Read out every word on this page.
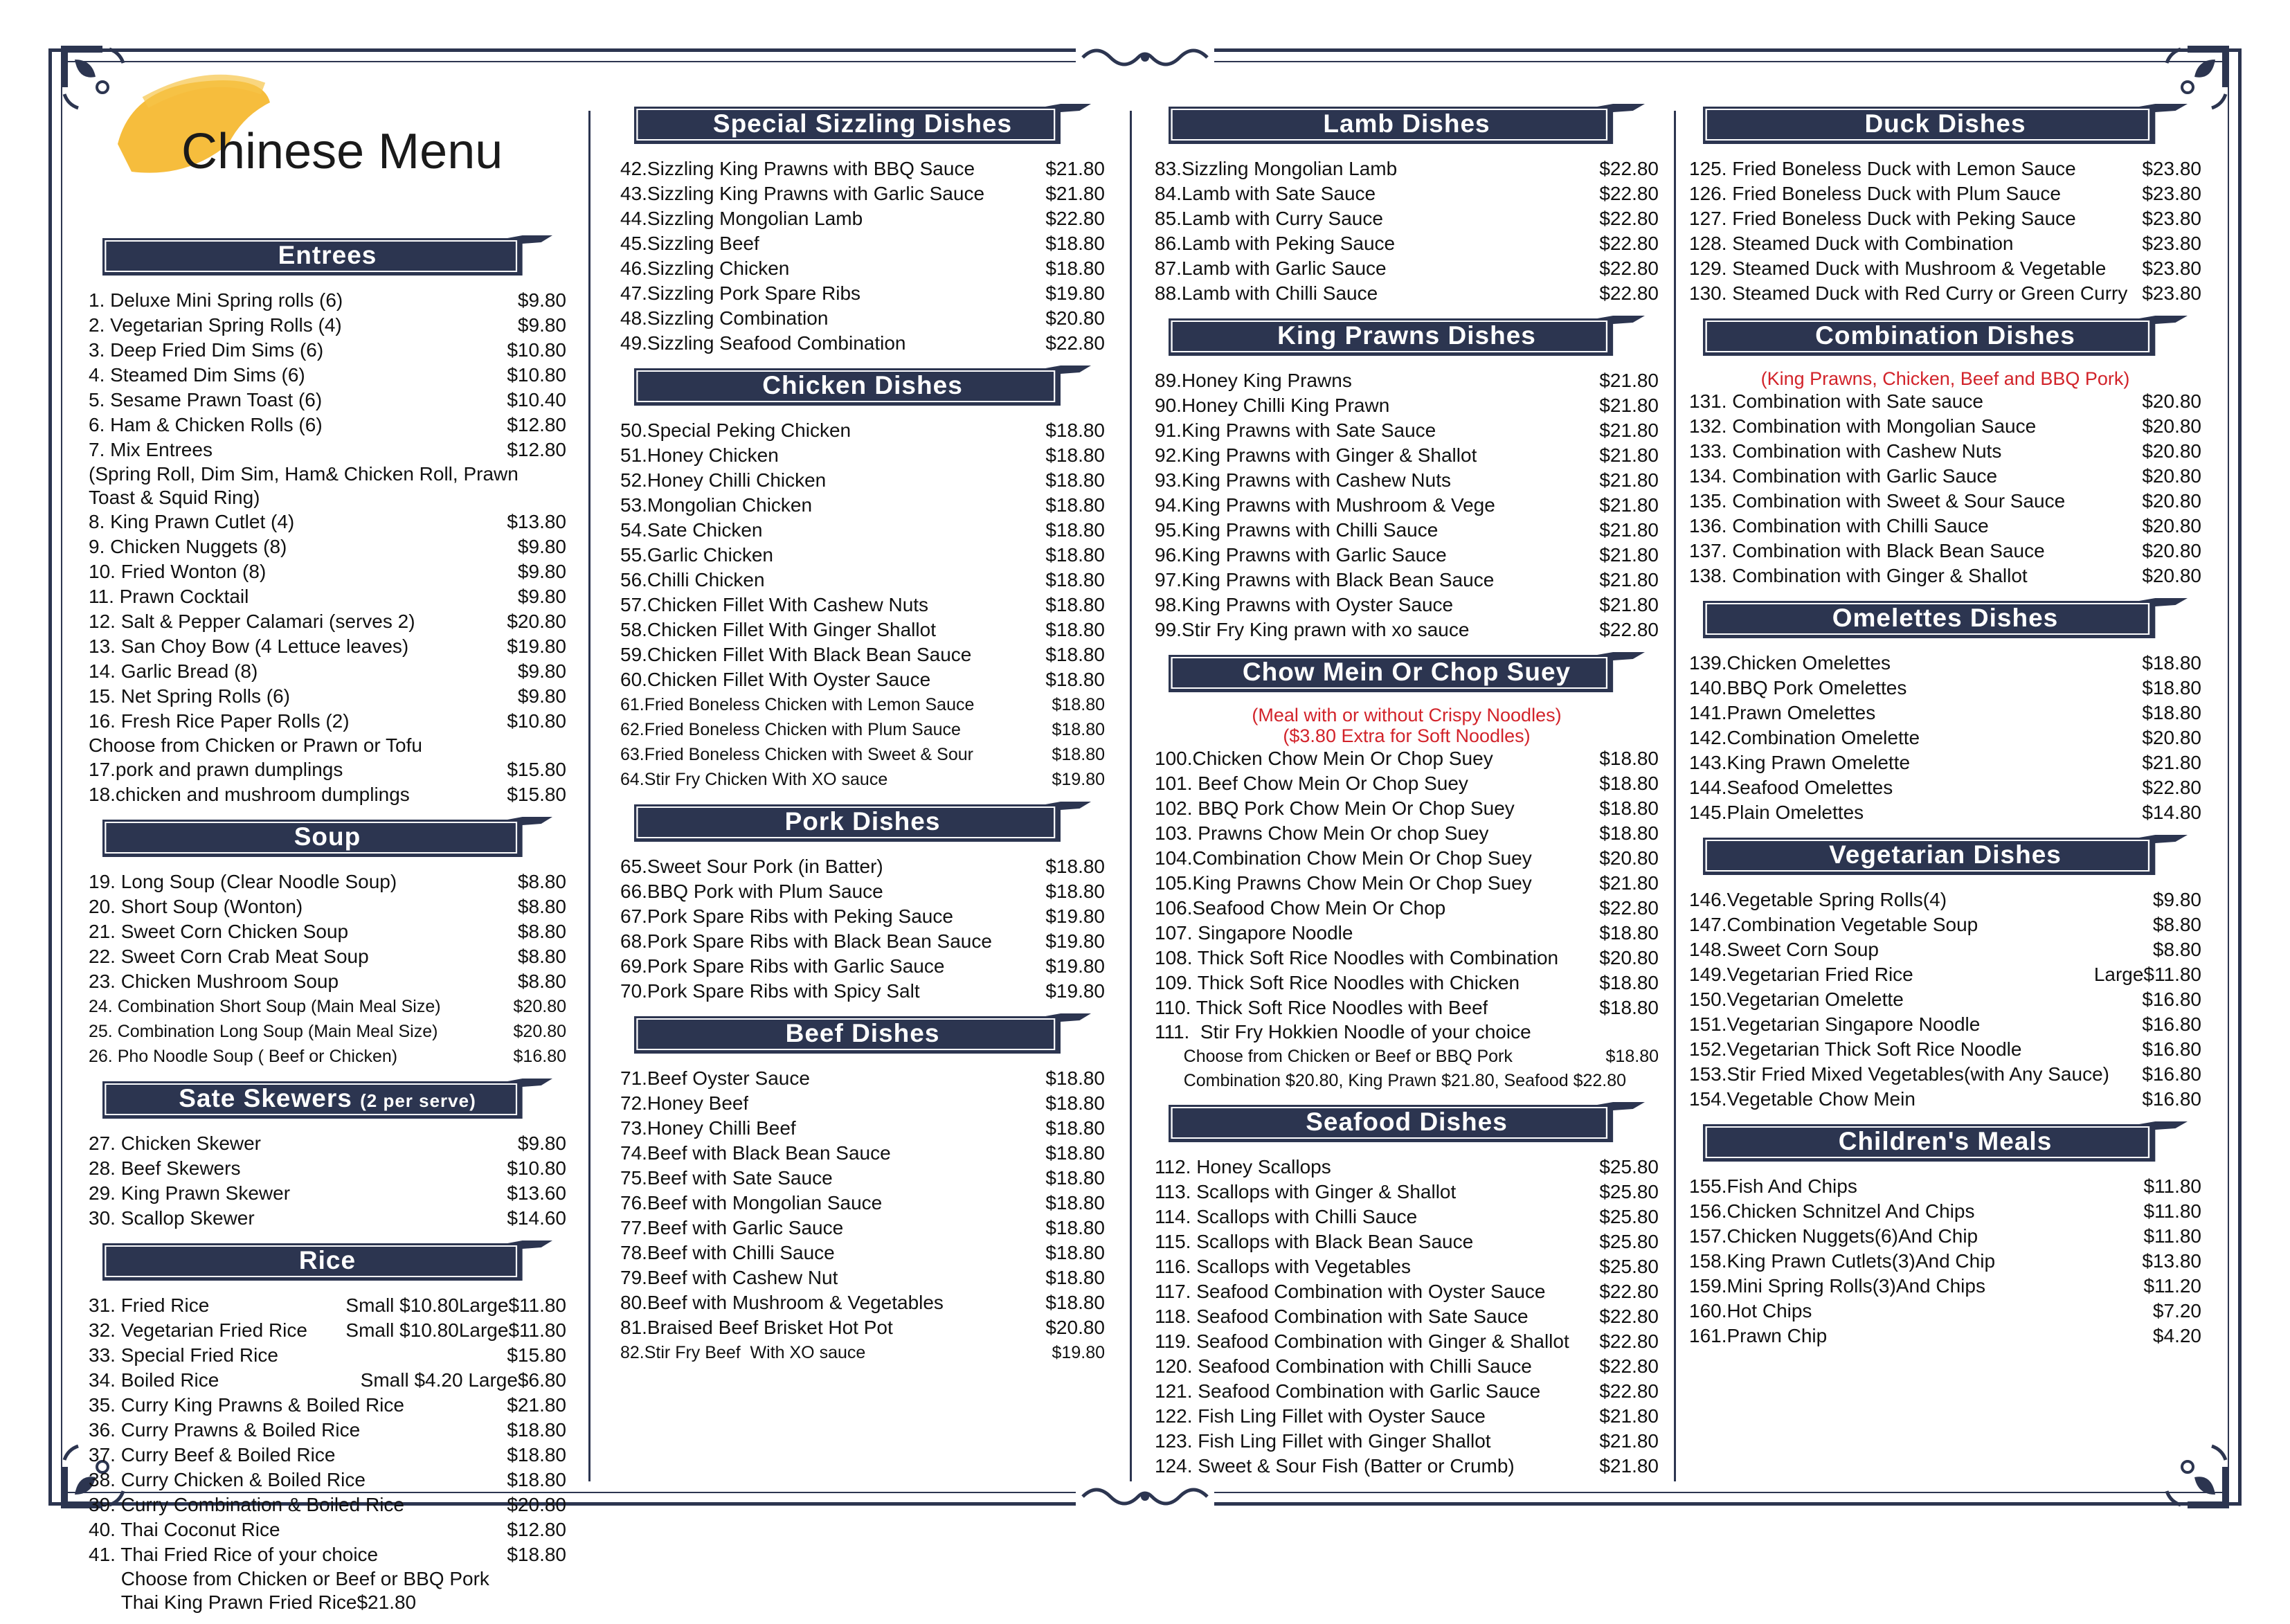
Chinese Menu
Entrees
1. Deluxe Mini Spring rolls (6)	$9.80
2. Vegetarian Spring Rolls (4)	$9.80
3. Deep Fried Dim Sims (6)	$10.80
4. Steamed Dim Sims (6)	$10.80
5. Sesame Prawn Toast (6)	$10.40
6. Ham & Chicken Rolls (6)	$12.80
7. Mix Entrees	$12.80
(Spring Roll, Dim Sim, Ham& Chicken Roll, Prawn Toast & Squid Ring)
8. King Prawn Cutlet (4)	$13.80
9. Chicken Nuggets (8)	$9.80
10. Fried Wonton (8)	$9.80
11. Prawn Cocktail	$9.80
12. Salt & Pepper Calamari (serves 2)	$20.80
13. San Choy Bow (4 Lettuce leaves)	$19.80
14. Garlic Bread (8)	$9.80
15. Net Spring Rolls (6)	$9.80
16. Fresh Rice Paper Rolls (2)	$10.80
Choose from Chicken or Prawn or Tofu
17.pork and prawn dumplings	$15.80
18.chicken and mushroom dumplings	$15.80
Soup
19. Long Soup (Clear Noodle Soup)	$8.80
20. Short Soup (Wonton)	$8.80
21. Sweet Corn Chicken Soup	$8.80
22. Sweet Corn Crab Meat Soup	$8.80
23. Chicken Mushroom Soup	$8.80
24. Combination Short Soup (Main Meal Size)	$20.80
25. Combination Long Soup (Main Meal Size)	$20.80
26. Pho Noodle Soup ( Beef or Chicken)	$16.80
Sate Skewers (2 per serve)
27. Chicken Skewer	$9.80
28. Beef Skewers	$10.80
29. King Prawn Skewer	$13.60
30. Scallop Skewer	$14.60
Rice
31. Fried Rice	Small $10.80Large$11.80
32. Vegetarian Fried Rice Small $10.80Large$11.80
33. Special Fried Rice	$15.80
34. Boiled Rice	Small $4.20 Large$6.80
35. Curry King Prawns & Boiled Rice	$21.80
36. Curry Prawns & Boiled Rice	$18.80
37. Curry Beef & Boiled Rice	$18.80
38. Curry Chicken & Boiled Rice	$18.80
39. Curry Combination & Boiled Rice	$20.80
40. Thai Coconut Rice	$12.80
41. Thai Fried Rice of your choice	$18.80
Choose from Chicken or Beef or BBQ Pork
Thai King Prawn Fried Rice$21.80
Special Sizzling Dishes
42.Sizzling King Prawns with BBQ Sauce	$21.80
43.Sizzling King Prawns with Garlic Sauce	$21.80
44.Sizzling Mongolian Lamb	$22.80
45.Sizzling Beef	$18.80
46.Sizzling Chicken	$18.80
47.Sizzling Pork Spare Ribs	$19.80
48.Sizzling Combination	$20.80
49.Sizzling Seafood Combination	$22.80
Chicken Dishes
50.Special Peking Chicken	$18.80
51.Honey Chicken	$18.80
52.Honey Chilli Chicken	$18.80
53.Mongolian Chicken	$18.80
54.Sate Chicken	$18.80
55.Garlic Chicken	$18.80
56.Chilli Chicken	$18.80
57.Chicken Fillet With Cashew Nuts	$18.80
58.Chicken Fillet With Ginger Shallot	$18.80
59.Chicken Fillet With Black Bean Sauce	$18.80
60.Chicken Fillet With Oyster Sauce	$18.80
61.Fried Boneless Chicken with Lemon Sauce	$18.80
62.Fried Boneless Chicken with Plum Sauce	$18.80
63.Fried Boneless Chicken with Sweet & Sour	$18.80
64.Stir Fry Chicken With XO sauce	$19.80
Pork Dishes
65.Sweet Sour Pork (in Batter)	$18.80
66.BBQ Pork with Plum Sauce	$18.80
67.Pork Spare Ribs with Peking Sauce	$19.80
68.Pork Spare Ribs with Black Bean Sauce	$19.80
69.Pork Spare Ribs with Garlic Sauce	$19.80
70.Pork Spare Ribs with Spicy Salt	$19.80
Beef Dishes
71.Beef Oyster Sauce	$18.80
72.Honey Beef	$18.80
73.Honey Chilli Beef	$18.80
74.Beef with Black Bean Sauce	$18.80
75.Beef with Sate Sauce	$18.80
76.Beef with Mongolian Sauce	$18.80
77.Beef with Garlic Sauce	$18.80
78.Beef with Chilli Sauce	$18.80
79.Beef with Cashew Nut	$18.80
80.Beef with Mushroom & Vegetables	$18.80
81.Braised Beef Brisket Hot Pot	$20.80
82.Stir Fry Beef  With XO sauce	$19.80
Lamb Dishes
83.Sizzling Mongolian Lamb	$22.80
84.Lamb with Sate Sauce	$22.80
85.Lamb with Curry Sauce	$22.80
86.Lamb with Peking Sauce	$22.80
87.Lamb with Garlic Sauce	$22.80
88.Lamb with Chilli Sauce	$22.80
King Prawns Dishes
89.Honey King Prawns	$21.80
90.Honey Chilli King Prawn	$21.80
91.King Prawns with Sate Sauce	$21.80
92.King Prawns with Ginger & Shallot	$21.80
93.King Prawns with Cashew Nuts	$21.80
94.King Prawns with Mushroom & Vege	$21.80
95.King Prawns with Chilli Sauce	$21.80
96.King Prawns with Garlic Sauce	$21.80
97.King Prawns with Black Bean Sauce	$21.80
98.King Prawns with Oyster Sauce	$21.80
99.Stir Fry King prawn with xo sauce	$22.80
Chow Mein Or Chop Suey
(Meal with or without Crispy Noodles)
($3.80 Extra for Soft Noodles)
100.Chicken Chow Mein Or Chop Suey	$18.80
101. Beef Chow Mein Or Chop Suey	$18.80
102. BBQ Pork Chow Mein Or Chop Suey	$18.80
103. Prawns Chow Mein Or chop Suey	$18.80
104.Combination Chow Mein Or Chop Suey	$20.80
105.King Prawns Chow Mein Or Chop Suey	$21.80
106.Seafood Chow Mein Or Chop	$22.80
107. Singapore Noodle	$18.80
108. Thick Soft Rice Noodles with Combination $20.80
109. Thick Soft Rice Noodles with Chicken	$18.80
110. Thick Soft Rice Noodles with Beef	$18.80
111.  Stir Fry Hokkien Noodle of your choice
Choose from Chicken or Beef or BBQ Pork	$18.80
Combination $20.80, King Prawn $21.80, Seafood $22.80
Seafood Dishes
112. Honey Scallops	$25.80
113. Scallops with Ginger & Shallot	$25.80
114. Scallops with Chilli Sauce	$25.80
115. Scallops with Black Bean Sauce	$25.80
116. Scallops with Vegetables	$25.80
117. Seafood Combination with Oyster Sauce	$22.80
118. Seafood Combination with Sate Sauce	$22.80
119. Seafood Combination with Ginger & Shallot $22.80
120. Seafood Combination with Chilli Sauce	$22.80
121. Seafood Combination with Garlic Sauce	$22.80
122. Fish Ling Fillet with Oyster Sauce	$21.80
123. Fish Ling Fillet with Ginger Shallot	$21.80
124. Sweet & Sour Fish (Batter or Crumb)	$21.80
Duck Dishes
125. Fried Boneless Duck with Lemon Sauce	$23.80
126. Fried Boneless Duck with Plum Sauce	$23.80
127. Fried Boneless Duck with Peking Sauce	$23.80
128. Steamed Duck with Combination	$23.80
129. Steamed Duck with Mushroom & Vegetable $23.80
130. Steamed Duck with Red Curry or Green Curry $23.80
Combination Dishes
(King Prawns, Chicken, Beef and BBQ Pork)
131. Combination with Sate sauce	$20.80
132. Combination with Mongolian Sauce	$20.80
133. Combination with Cashew Nuts	$20.80
134. Combination with Garlic Sauce	$20.80
135. Combination with Sweet & Sour Sauce	$20.80
136. Combination with Chilli Sauce	$20.80
137. Combination with Black Bean Sauce	$20.80
138. Combination with Ginger & Shallot	$20.80
Omelettes Dishes
139.Chicken Omelettes	$18.80
140.BBQ Pork Omelettes	$18.80
141.Prawn Omelettes	$18.80
142.Combination Omelette	$20.80
143.King Prawn Omelette	$21.80
144.Seafood Omelettes	$22.80
145.Plain Omelettes	$14.80
Vegetarian Dishes
146.Vegetable Spring Rolls(4)	$9.80
147.Combination Vegetable Soup	$8.80
148.Sweet Corn Soup	$8.80
149.Vegetarian Fried Rice	Large$11.80
150.Vegetarian Omelette	$16.80
151.Vegetarian Singapore Noodle	$16.80
152.Vegetarian Thick Soft Rice Noodle	$16.80
153.Stir Fried Mixed Vegetables(with Any Sauce) $16.80
154.Vegetable Chow Mein	$16.80
Children's Meals
155.Fish And Chips	$11.80
156.Chicken Schnitzel And Chips	$11.80
157.Chicken Nuggets(6)And Chip	$11.80
158.King Prawn Cutlets(3)And Chip	$13.80
159.Mini Spring Rolls(3)And Chips	$11.20
160.Hot Chips	$7.20
161.Prawn Chip	$4.20
